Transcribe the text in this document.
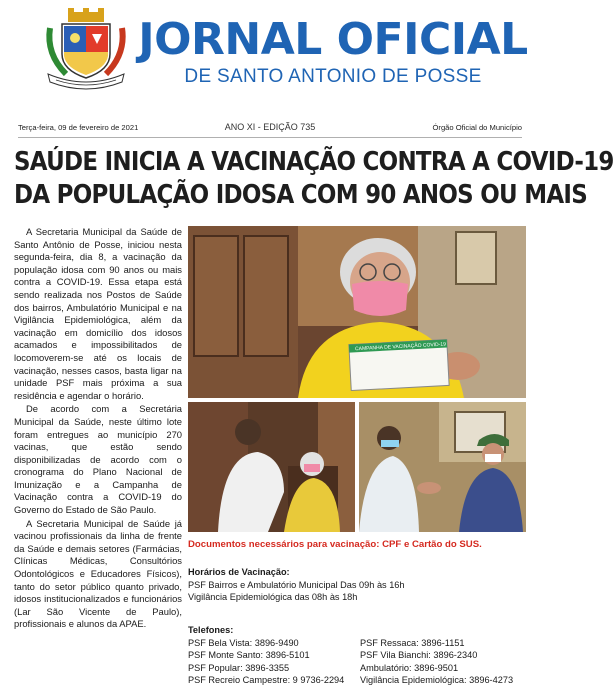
JORNAL OFICIAL
DE SANTO ANTONIO DE POSSE
Terça-feira, 09 de fevereiro de 2021	ANO XI - EDIÇÃO 735	Órgão Oficial do Município
SAÚDE INICIA A VACINAÇÃO CONTRA A COVID-19
DA POPULAÇÃO IDOSA COM 90 ANOS OU MAIS

A Secretaria Municipal da Saúde de Santo Antônio de Posse, iniciou nesta segunda-feira, dia 8, a vacinação da população idosa com 90 anos ou mais contra a COVID-19. Essa etapa está sendo realizada nos Postos de Saúde dos bairros, Ambulatório Municipal e na Vigilância Epidemiológica, além da vacinação em domicílio dos idosos acamados e impossibilitados de locomoverem-se até os locais de vacinação, nesses casos, basta ligar na unidade PSF mais próxima a sua residência e agendar o horário.

De acordo com a Secretária Municipal da Saúde, neste último lote foram entregues ao município 270 vacinas, que estão sendo disponibilizadas de acordo com o cronograma do Plano Nacional de Imunização e a Campanha de Vacinação contra a COVID-19 do Governo do Estado de São Paulo.

A Secretaria Municipal de Saúde já vacinou profissionais da linha de frente da Saúde e demais setores (Farmácias, Clínicas Médicas, Consultórios Odontológicos e Educadores Físicos), tanto do setor público quanto privado, idosos institucionalizados e funcionários (Lar São Vicente de Paulo), profissionais e alunos da APAE.

CAMPANHA DE VACINAÇÃO COVID-19
Documentos necessários para vacinação: CPF e Cartão do SUS.
Horários de Vacinação:
PSF Bairros e Ambulatório Municipal Das 09h às 16h
Vigilância Epidemiológica das 08h às 18h
Telefones:
PSF Bela Vista: 3896-9490
PSF Monte Santo: 3896-5101
PSF Popular: 3896-3355
PSF Recreio Campestre: 9 9736-2294
PSF Ressaca: 3896-1151
PSF Vila Bianchi: 3896-2340
Ambulatório: 3896-9501
Vigilância Epidemiológica: 3896-4273
